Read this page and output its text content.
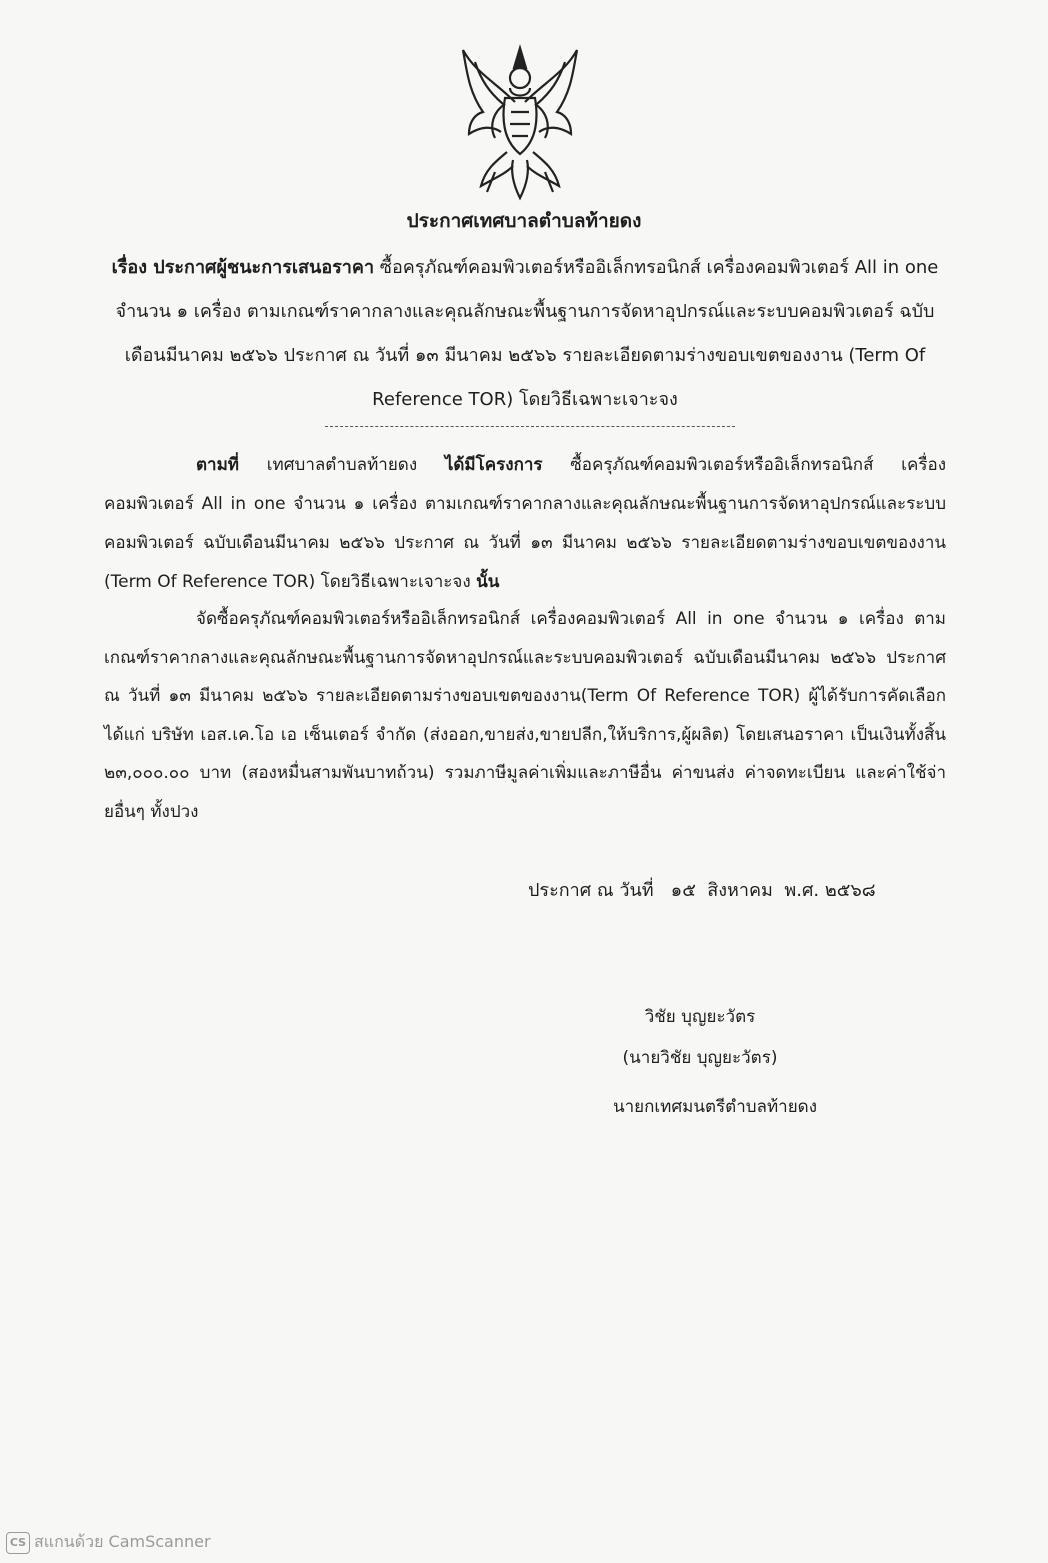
ประกาศเทศบาลตำบลท้ายดง
เรื่อง ประกาศผู้ชนะการเสนอราคา ซื้อครุภัณฑ์คอมพิวเตอร์หรืออิเล็กทรอนิกส์ เครื่องคอมพิวเตอร์ All in one จำนวน ๑ เครื่อง ตามเกณฑ์ราคากลางและคุณลักษณะพื้นฐานการจัดหาอุปกรณ์และระบบคอมพิวเตอร์ ฉบับเดือนมีนาคม ๒๕๖๖ ประกาศ ณ วันที่ ๑๓ มีนาคม ๒๕๖๖ รายละเอียดตามร่างขอบเขตของงาน (Term Of Reference TOR) โดยวิธีเฉพาะเจาะจง
ตามที่ เทศบาลตำบลท้ายดง ได้มีโครงการ ซื้อครุภัณฑ์คอมพิวเตอร์หรืออิเล็กทรอนิกส์ เครื่องคอมพิวเตอร์ All in one จำนวน ๑ เครื่อง ตามเกณฑ์ราคากลางและคุณลักษณะพื้นฐานการจัดหาอุปกรณ์และระบบคอมพิวเตอร์ ฉบับเดือนมีนาคม ๒๕๖๖ ประกาศ ณ วันที่ ๑๓ มีนาคม ๒๕๖๖ รายละเอียดตามร่างขอบเขตของงาน (Term Of Reference TOR) โดยวิธีเฉพาะเจาะจง นั้น
จัดซื้อครุภัณฑ์คอมพิวเตอร์หรืออิเล็กทรอนิกส์ เครื่องคอมพิวเตอร์ All in one จำนวน ๑ เครื่อง ตามเกณฑ์ราคากลางและคุณลักษณะพื้นฐานการจัดหาอุปกรณ์และระบบคอมพิวเตอร์ ฉบับเดือนมีนาคม ๒๕๖๖ ประกาศ ณ วันที่ ๑๓ มีนาคม ๒๕๖๖ รายละเอียดตามร่างขอบเขตของงาน(Term Of Reference TOR) ผู้ได้รับการคัดเลือก ได้แก่ บริษัท เอส.เค.โอ เอ เซ็นเตอร์ จำกัด (ส่งออก,ขายส่ง,ขายปลีก,ให้บริการ,ผู้ผลิต) โดยเสนอราคา เป็นเงินทั้งสิ้น ๒๓,๐๐๐.๐๐ บาท (สองหมื่นสามพันบาทถ้วน) รวมภาษีมูลค่าเพิ่มและภาษีอื่น ค่าขนส่ง ค่าจดทะเบียน และค่าใช้จ่ายอื่นๆ ทั้งปวง
ประกาศ ณ วันที่   ๑๕  สิงหาคม  พ.ศ. ๒๕๖๘
วิชัย บุญยะวัตร
(นายวิชัย บุญยะวัตร)
นายกเทศมนตรีตำบลท้ายดง
CS สแกนด้วย CamScanner
